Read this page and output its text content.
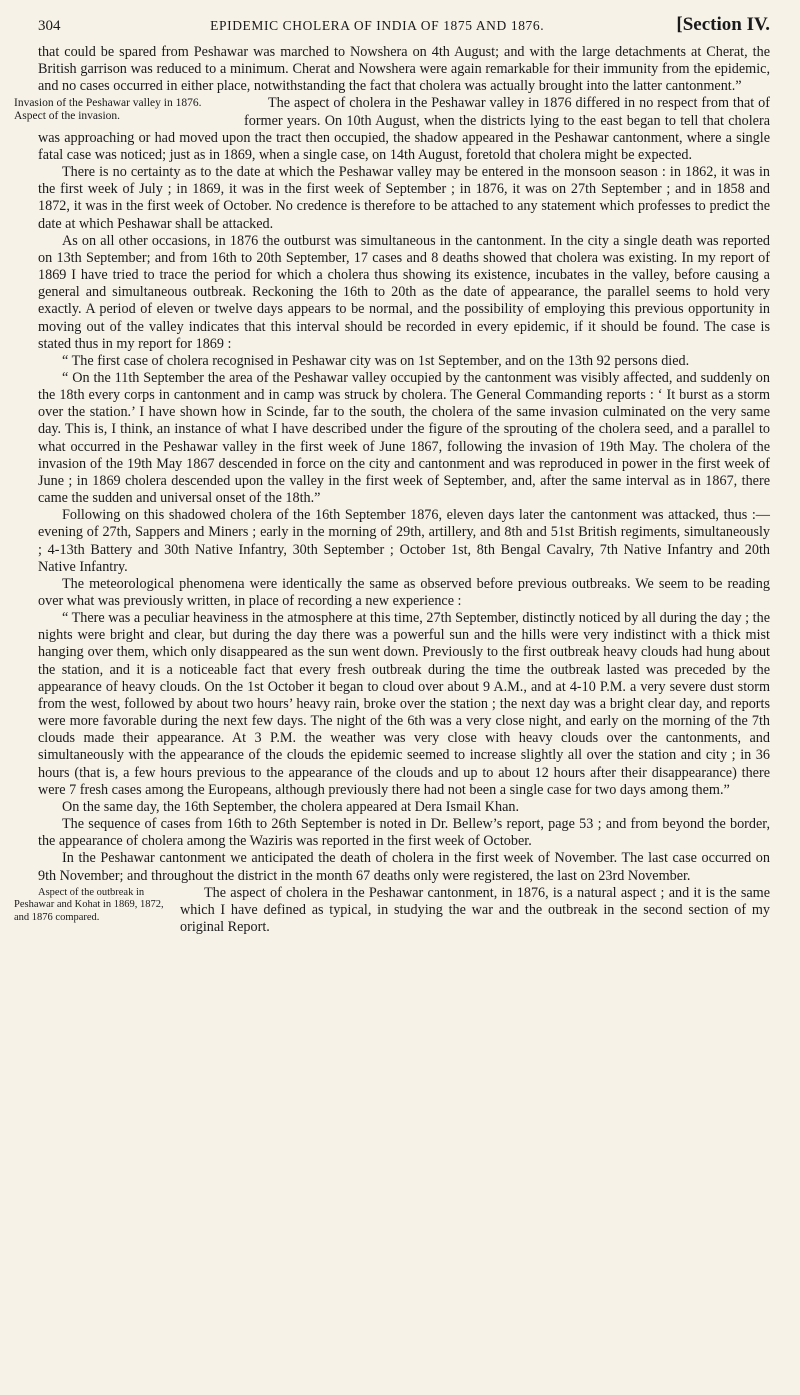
304	EPIDEMIC CHOLERA OF INDIA OF 1875 AND 1876.	[Section IV.

that could be spared from Peshawar was marched to Nowshera on 4th August; and with the large detachments at Cherat, the British garrison was reduced to a minimum. Cherat and Nowshera were again remarkable for their immunity from the epidemic, and no cases occurred in either place, notwithstanding the fact that cholera was actually brought into the latter cantonment.”

Invasion of the Peshawar valley in 1876. Aspect of the invasion.
The aspect of cholera in the Peshawar valley in 1876 differed in no respect from that of former years. On 10th August, when the districts lying to the east began to tell that cholera was approaching or had moved upon the tract then occupied, the shadow appeared in the Peshawar cantonment, where a single fatal case was noticed; just as in 1869, when a single case, on 14th August, foretold that cholera might be expected.

There is no certainty as to the date at which the Peshawar valley may be entered in the monsoon season : in 1862, it was in the first week of July ; in 1869, it was in the first week of September ; in 1876, it was on 27th September ; and in 1858 and 1872, it was in the first week of October. No credence is therefore to be attached to any statement which professes to predict the date at which Peshawar shall be attacked.

As on all other occasions, in 1876 the outburst was simultaneous in the cantonment. In the city a single death was reported on 13th September; and from 16th to 20th September, 17 cases and 8 deaths showed that cholera was existing. In my report of 1869 I have tried to trace the period for which a cholera thus showing its existence, incubates in the valley, before causing a general and simultaneous outbreak. Reckoning the 16th to 20th as the date of appearance, the parallel seems to hold very exactly. A period of eleven or twelve days appears to be normal, and the possibility of employing this previous opportunity in moving out of the valley indicates that this interval should be recorded in every epidemic, if it should be found. The case is stated thus in my report for 1869 :

“ The first case of cholera recognised in Peshawar city was on 1st September, and on the 13th 92 persons died.

“ On the 11th September the area of the Peshawar valley occupied by the cantonment was visibly affected, and suddenly on the 18th every corps in cantonment and in camp was struck by cholera. The General Commanding reports : ‘ It burst as a storm over the station.’ I have shown how in Scinde, far to the south, the cholera of the same invasion culminated on the very same day. This is, I think, an instance of what I have described under the figure of the sprouting of the cholera seed, and a parallel to what occurred in the Peshawar valley in the first week of June 1867, following the invasion of 19th May. The cholera of the invasion of the 19th May 1867 descended in force on the city and cantonment and was reproduced in power in the first week of June ; in 1869 cholera descended upon the valley in the first week of September, and, after the same interval as in 1867, there came the sudden and universal onset of the 18th.”

Following on this shadowed cholera of the 16th September 1876, eleven days later the cantonment was attacked, thus :—evening of 27th, Sappers and Miners ; early in the morning of 29th, artillery, and 8th and 51st British regiments, simultaneously ; 4-13th Battery and 30th Native Infantry, 30th September ; October 1st, 8th Bengal Cavalry, 7th Native Infantry and 20th Native Infantry.

The meteorological phenomena were identically the same as observed before previous outbreaks. We seem to be reading over what was previously written, in place of recording a new experience :

“ There was a peculiar heaviness in the atmosphere at this time, 27th September, distinctly noticed by all during the day ; the nights were bright and clear, but during the day there was a powerful sun and the hills were very indistinct with a thick mist hanging over them, which only disappeared as the sun went down. Previously to the first outbreak heavy clouds had hung about the station, and it is a noticeable fact that every fresh outbreak during the time the outbreak lasted was preceded by the appearance of heavy clouds. On the 1st October it began to cloud over about 9 A.M., and at 4-10 P.M. a very severe dust storm from the west, followed by about two hours’ heavy rain, broke over the station ; the next day was a bright clear day, and reports were more favorable during the next few days. The night of the 6th was a very close night, and early on the morning of the 7th clouds made their appearance. At 3 P.M. the weather was very close with heavy clouds over the cantonments, and simultaneously with the appearance of the clouds the epidemic seemed to increase slightly all over the station and city ; in 36 hours (that is, a few hours previous to the appearance of the clouds and up to about 12 hours after their disappearance) there were 7 fresh cases among the Europeans, although previously there had not been a single case for two days among them.”

On the same day, the 16th September, the cholera appeared at Dera Ismail Khan.

The sequence of cases from 16th to 26th September is noted in Dr. Bellew’s report, page 53 ; and from beyond the border, the appearance of cholera among the Waziris was reported in the first week of October.

In the Peshawar cantonment we anticipated the death of cholera in the first week of November. The last case occurred on 9th November; and throughout the district in the month 67 deaths only were registered, the last on 23rd November.

Aspect of the outbreak in Peshawar and Kohat in 1869, 1872, and 1876 compared.
The aspect of cholera in the Peshawar cantonment, in 1876, is a natural aspect ; and it is the same which I have defined as typical, in studying the war and the outbreak in the second section of my original Report.
